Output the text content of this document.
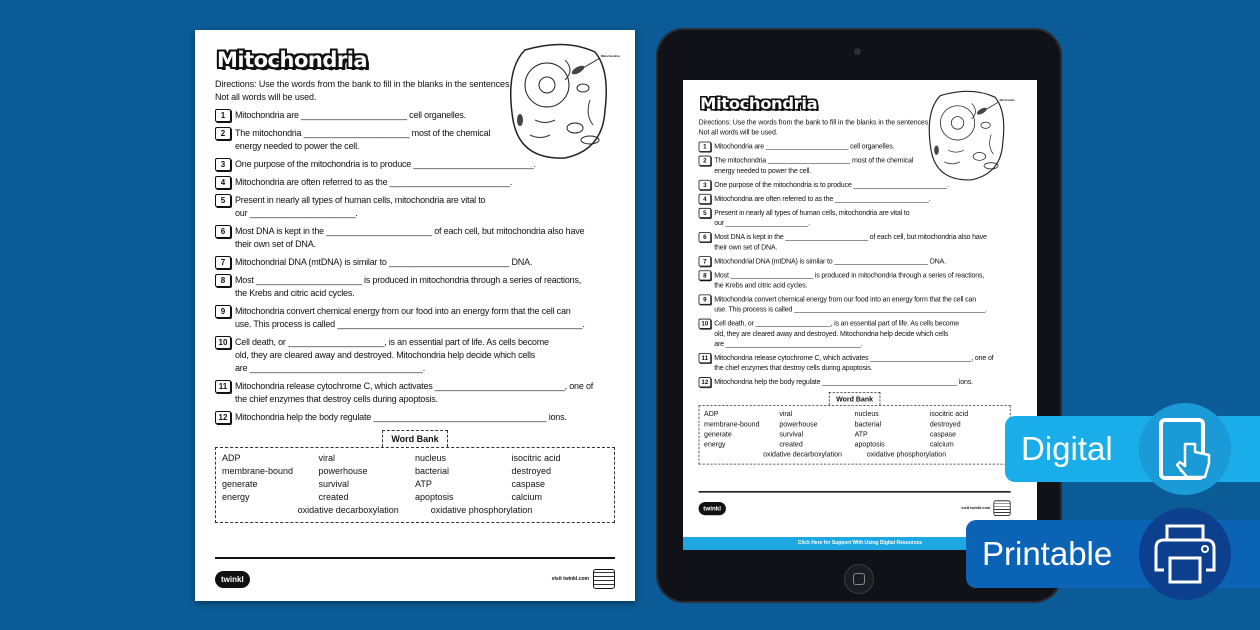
Mitochondria	Mitochondria
Directions: Use the words from the bank to fill in the blanks in the sentences. Not all words will be used.
1	Mitochondria are ______________________ cell organelles.
2	The mitochondria ______________________ most of the chemical
energy needed to power the cell.
3	One purpose of the mitochondria is to produce _________________________.
4	Mitochondria are often referred to as the _________________________.
5	Present in nearly all types of human cells, mitochondria are vital to
our ______________________.
6	Most DNA is kept in the ______________________ of each cell, but mitochondria also have
their own set of DNA.
7	Mitochondrial DNA (mtDNA) is similar to _________________________ DNA.
8	Most ______________________ is produced in mitochondria through a series of reactions,
the Krebs and citric acid cycles.
9	Mitochondria convert chemical energy from our food into an energy form that the cell can
use. This process is called ___________________________________________________.
10 Cell death, or ____________________, is an essential part of life. As cells become
old, they are cleared away and destroyed. Mitochondria help decide which cells
are ____________________________________.
11 Mitochondria release cytochrome C, which activates ___________________________, one of
the chief enzymes that destroy cells during apoptosis.
12 Mitochondria help the body regulate ____________________________________ ions.
Word Bank
ADP	viral	nucleus	isocitric acid
membrane-bound	powerhouse	bacterial	destroyed
generate	survival	ATP	caspase
energy	created	apoptosis	calcium
oxidative decarboxylation	oxidative phosphorylation
twinkl	visit twinkl.com
Mitochondria	Mitochondria
Directions: Use the words from the bank to fill in the blanks in the sentences. Not all words will be used.
1 Mitochondria are ______________________ cell organelles.
2 The mitochondria ______________________ most of the chemical
energy needed to power the cell.
3 One purpose of the mitochondria is to produce _________________________.
4 Mitochondria are often referred to as the _________________________.
5 Present in nearly all types of human cells, mitochondria are vital to
our ______________________.
6 Most DNA is kept in the ______________________ of each cell, but mitochondria also have
their own set of DNA.
7 Mitochondrial DNA (mtDNA) is similar to _________________________ DNA.
8 Most ______________________ is produced in mitochondria through a series of reactions,
the Krebs and citric acid cycles.
9 Mitochondria convert chemical energy from our food into an energy form that the cell can
use. This process is called ___________________________________________________.
10 Cell death, or ____________________, is an essential part of life. As cells become
old, they are cleared away and destroyed. Mitochondria help decide which cells
are ____________________________________.
11 Mitochondria release cytochrome C, which activates ___________________________, one of
the chief enzymes that destroy cells during apoptosis.
12 Mitochondria help the body regulate ____________________________________ ions.
Word Bank
ADP	viral	nucleus	isocitric acid
membrane-bound	powerhouse	bacterial	destroyed
generate	survival	ATP	caspase
energy	created	apoptosis	calcium
oxidative decarboxylation	oxidative phosphorylation
twinkl	visit twinkl.com
Click Here for Support With Using Digital Resources
Digital
Printable
